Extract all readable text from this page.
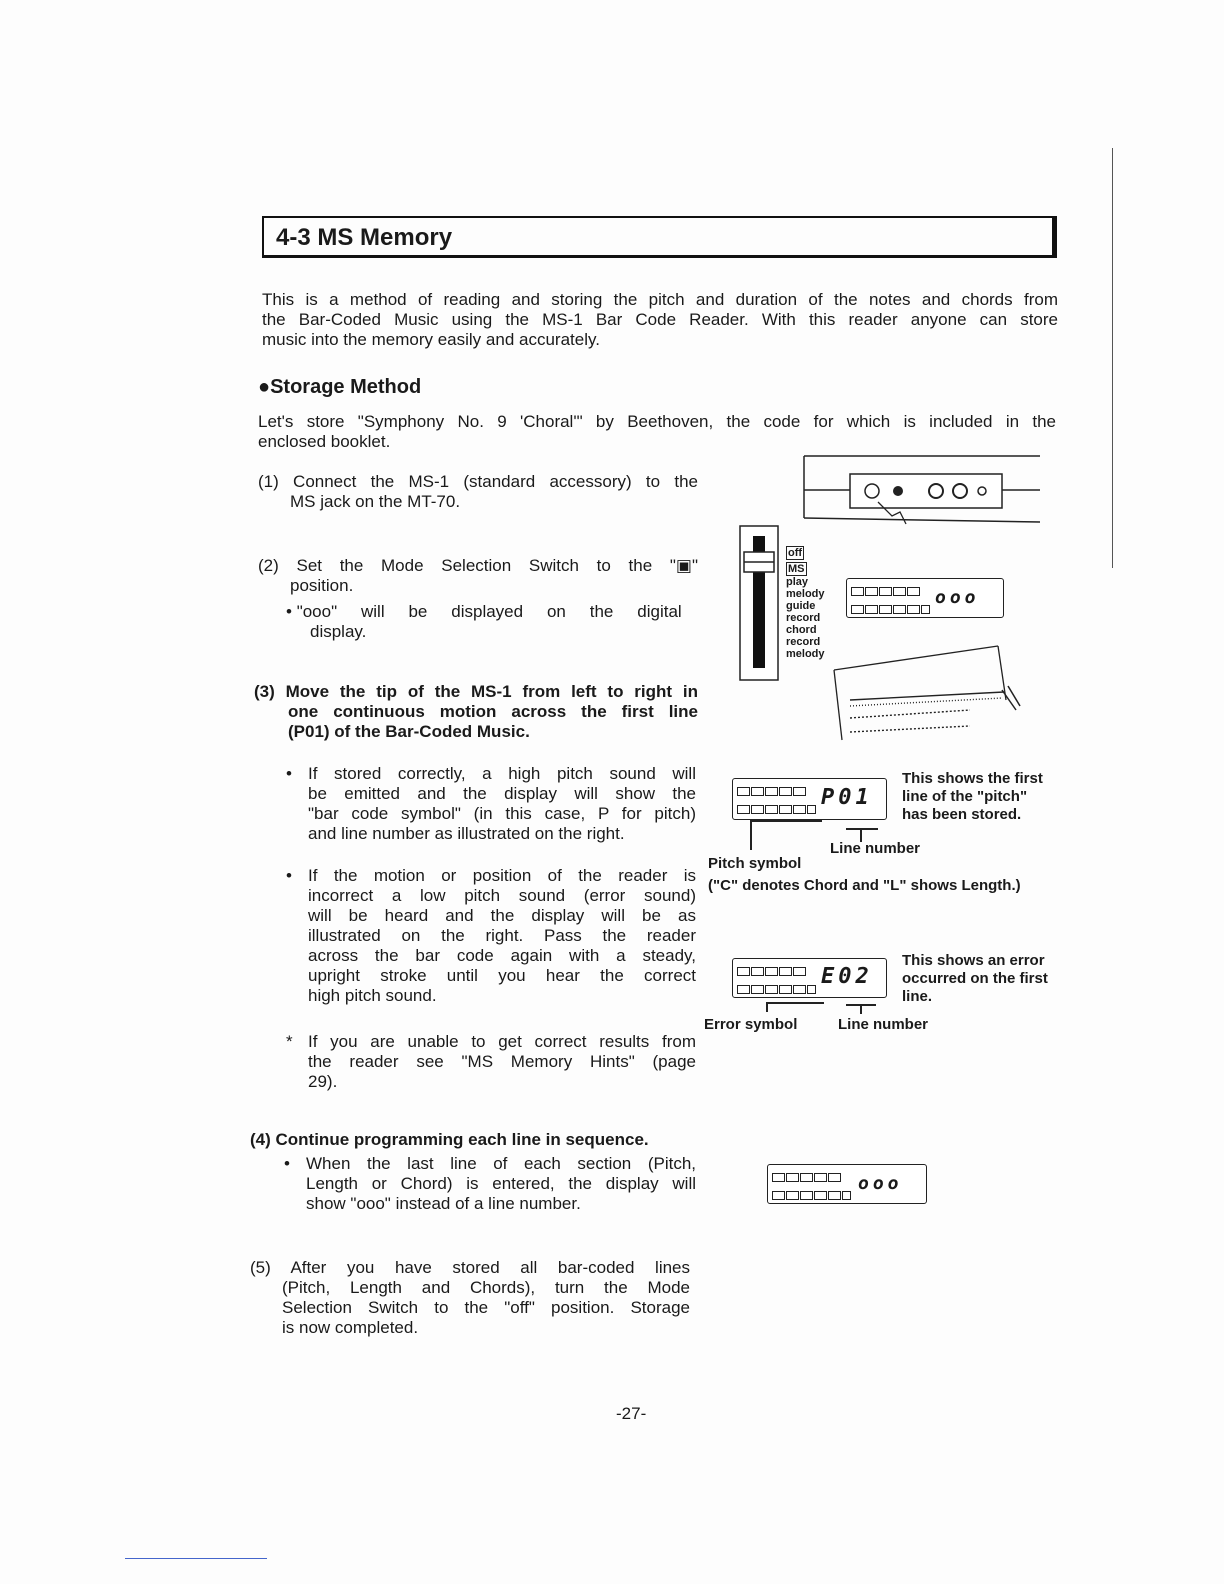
4-3 MS Memory
This is a method of reading and storing the pitch and duration of the notes and chords from
the Bar-Coded Music using the MS-1 Bar Code Reader. With this reader anyone can store
music into the memory easily and accurately.
●Storage Method
Let's store "Symphony No. 9 'Choral'" by Beethoven, the code for which is included in the
enclosed booklet.
(1) Connect the MS-1 (standard accessory) to the
MS jack on the MT-70.
(2) Set the Mode Selection Switch to the "▣"
position.
• "ooo" will be displayed on the digital
display.
(3) Move the tip of the MS-1 from left to right in
one continuous motion across the first line
(P01) of the Bar-Coded Music.
• If stored correctly, a high pitch sound will
be emitted and the display will show the
"bar code symbol" (in this case, P for pitch)
and line number as illustrated on the right.
• If the motion or position of the reader is
incorrect a low pitch sound (error sound)
will be heard and the display will be as
illustrated on the right. Pass the reader
across the bar code again with a steady,
upright stroke until you hear the correct
high pitch sound.
* If you are unable to get correct results from
the reader see "MS Memory Hints" (page
29).
(4) Continue programming each line in sequence.
• When the last line of each section (Pitch,
Length or Chord) is entered, the display will
show "ooo" instead of a line number.
(5) After you have stored all bar-coded lines
(Pitch, Length and Chords), turn the Mode
Selection Switch to the "off" position. Storage
is now completed.
off
MS
play
melody
guide
record
chord
record
melody

ooo

P01
This shows the first
line of the "pitch"
has been stored.
Line number
Pitch symbol
("C" denotes Chord and "L" shows Length.)

E02
This shows an error
occurred on the first
line.
Error symbol	Line number

ooo
-27-
